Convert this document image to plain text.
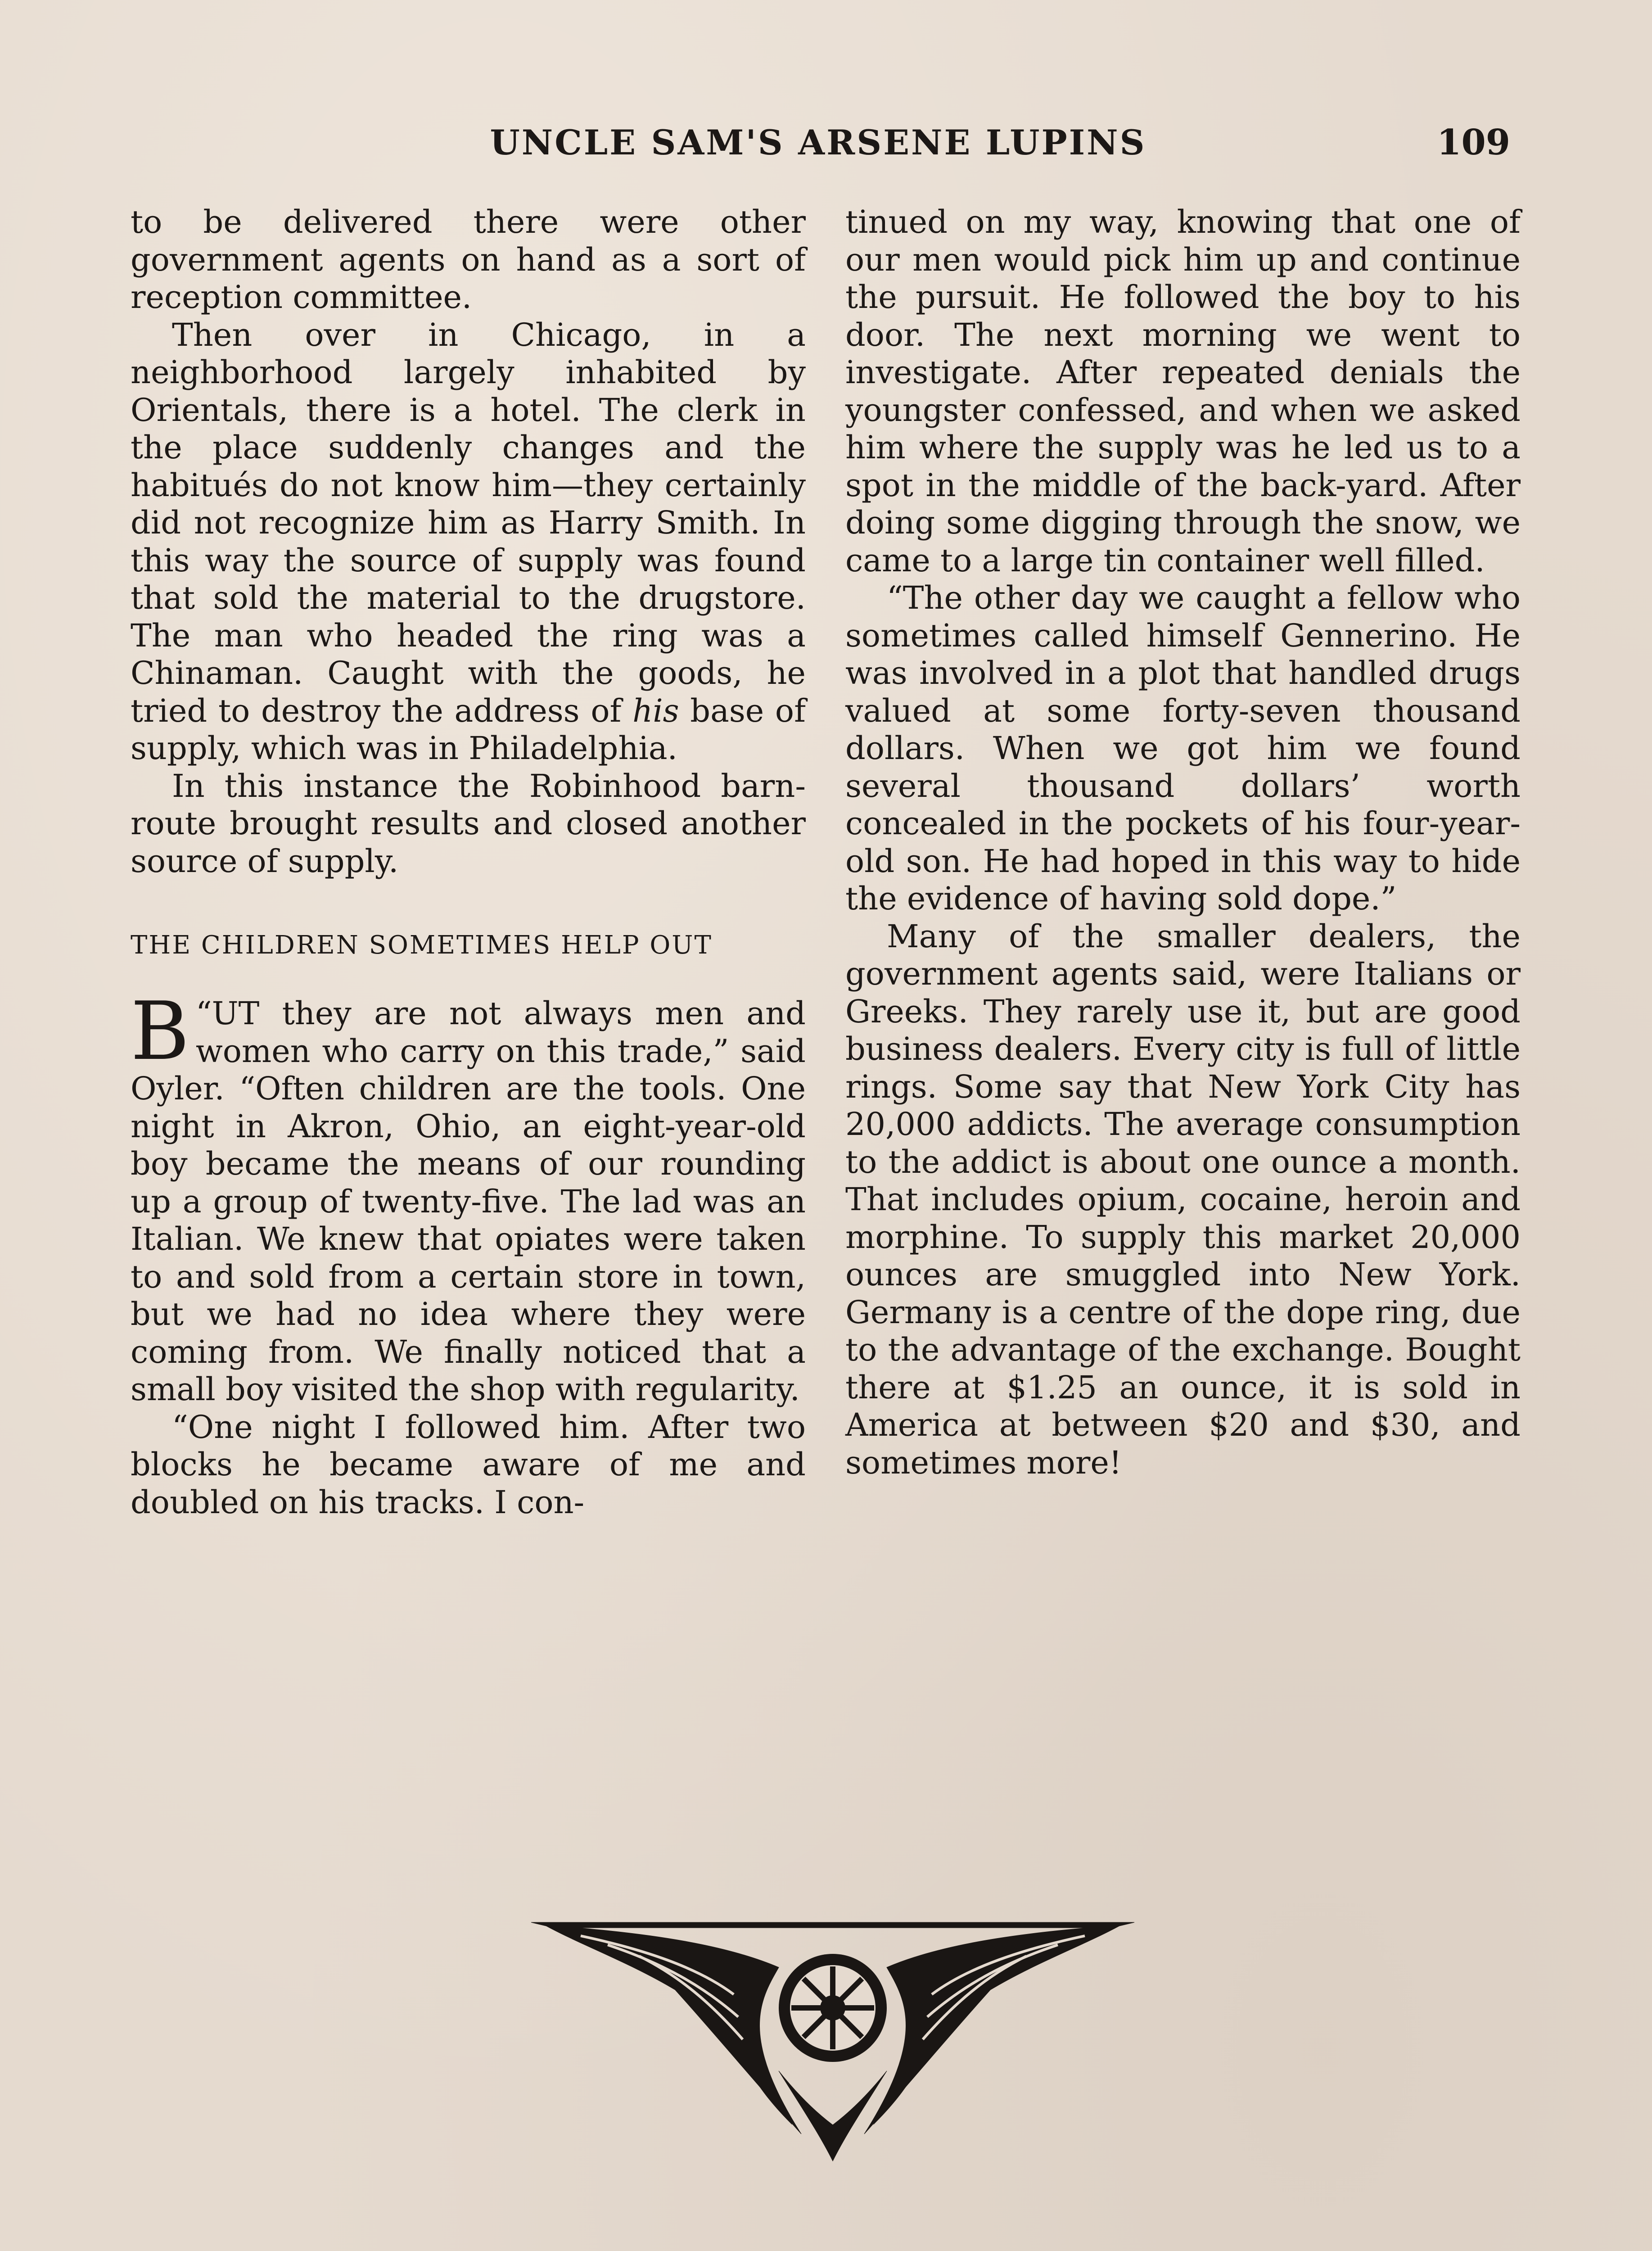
UNCLE SAM'S ARSENE LUPINS	109

to be delivered there were other government agents on hand as a sort of reception committee.

Then over in Chicago, in a neighborhood largely inhabited by Orientals, there is a hotel. The clerk in the place suddenly changes and the habitués do not know him—they certainly did not recognize him as Harry Smith. In this way the source of supply was found that sold the material to the drugstore. The man who headed the ring was a Chinaman. Caught with the goods, he tried to destroy the address of his base of supply, which was in Philadelphia.

In this instance the Robinhood barn-route brought results and closed another source of supply.

THE CHILDREN SOMETIMES HELP OUT

“
B UT they are not always men and women who carry on this trade,” said Oyler. “Often children are the tools. One night in Akron, Ohio, an eight-year-old boy became the means of our rounding up a group of twenty-five. The lad was an Italian. We knew that opiates were taken to and sold from a certain store in town, but we had no idea where they were coming from. We finally noticed that a small boy visited the shop with regularity.

“One night I followed him. After two blocks he became aware of me and doubled on his tracks. I con-

tinued on my way, knowing that one of our men would pick him up and continue the pursuit. He followed the boy to his door. The next morning we went to investigate. After repeated denials the youngster confessed, and when we asked him where the supply was he led us to a spot in the middle of the back-yard. After doing some digging through the snow, we came to a large tin container well filled.

“The other day we caught a fellow who sometimes called himself Gennerino. He was involved in a plot that handled drugs valued at some forty-seven thousand dollars. When we got him we found several thousand dollars’ worth concealed in the pockets of his four-year-old son. He had hoped in this way to hide the evidence of having sold dope.”

Many of the smaller dealers, the government agents said, were Italians or Greeks. They rarely use it, but are good business dealers. Every city is full of little rings. Some say that New York City has 20,000 addicts. The average consumption to the addict is about one ounce a month. That includes opium, cocaine, heroin and morphine. To supply this market 20,000 ounces are smuggled into New York. Germany is a centre of the dope ring, due to the advantage of the exchange. Bought there at $1.25 an ounce, it is sold in America at between $20 and $30, and sometimes more!
